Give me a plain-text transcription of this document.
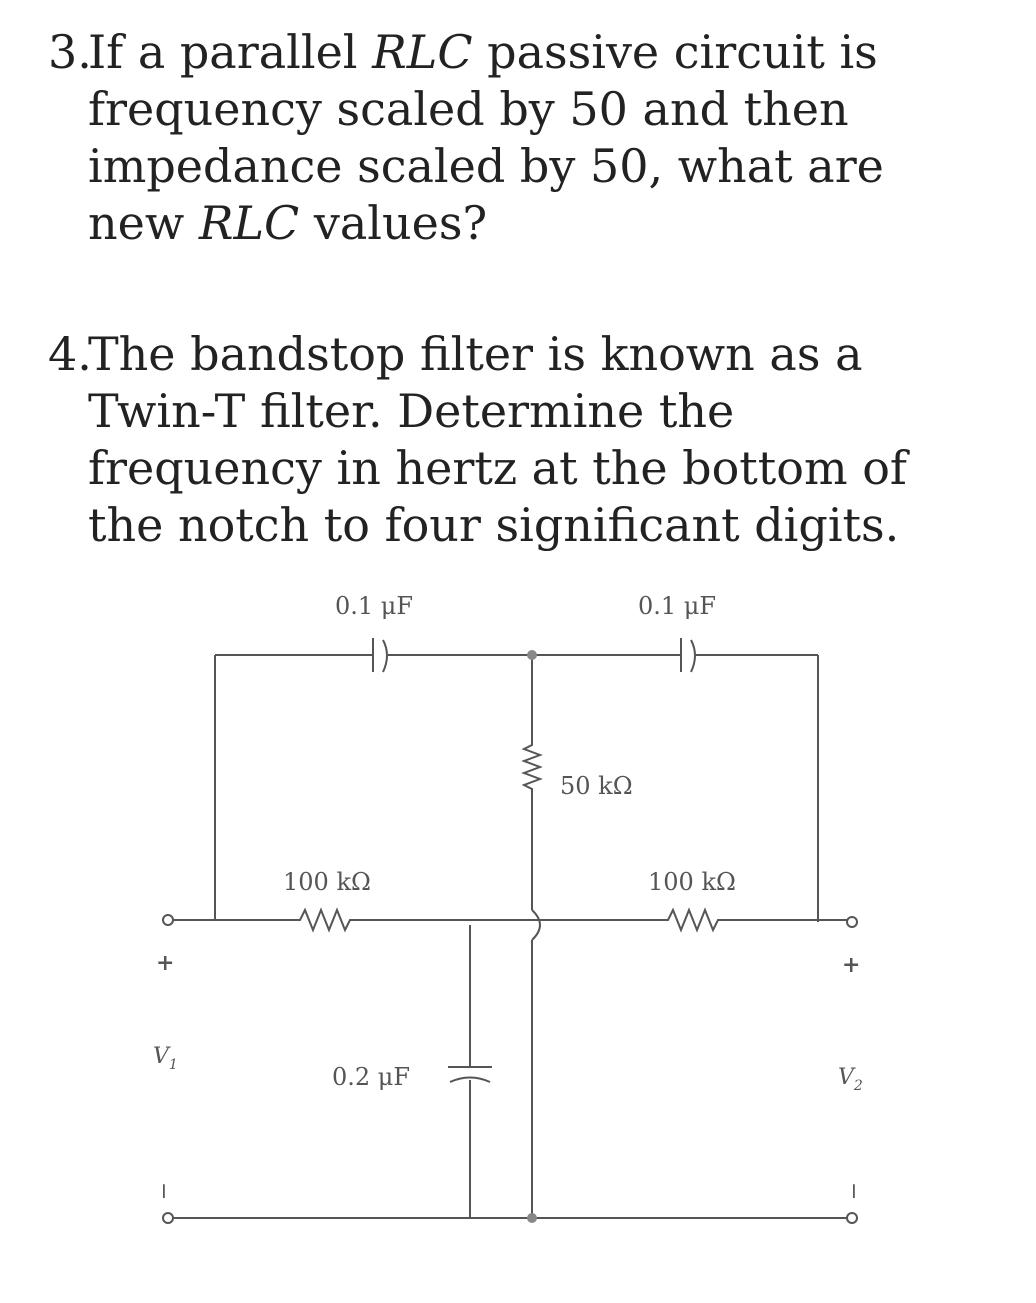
3.
If a parallel RLC passive circuit is
frequency scaled by 50 and then
impedance scaled by 50, what are
new RLC values?
4.
The bandstop filter is known as a
Twin-T filter. Determine the
frequency in hertz at the bottom of
the notch to four significant digits.
0.1 μF	0.1 μF
50 kΩ
100 kΩ	100 kΩ
0.2 μF
+	+
$V_1$	$V_2$
−	−
